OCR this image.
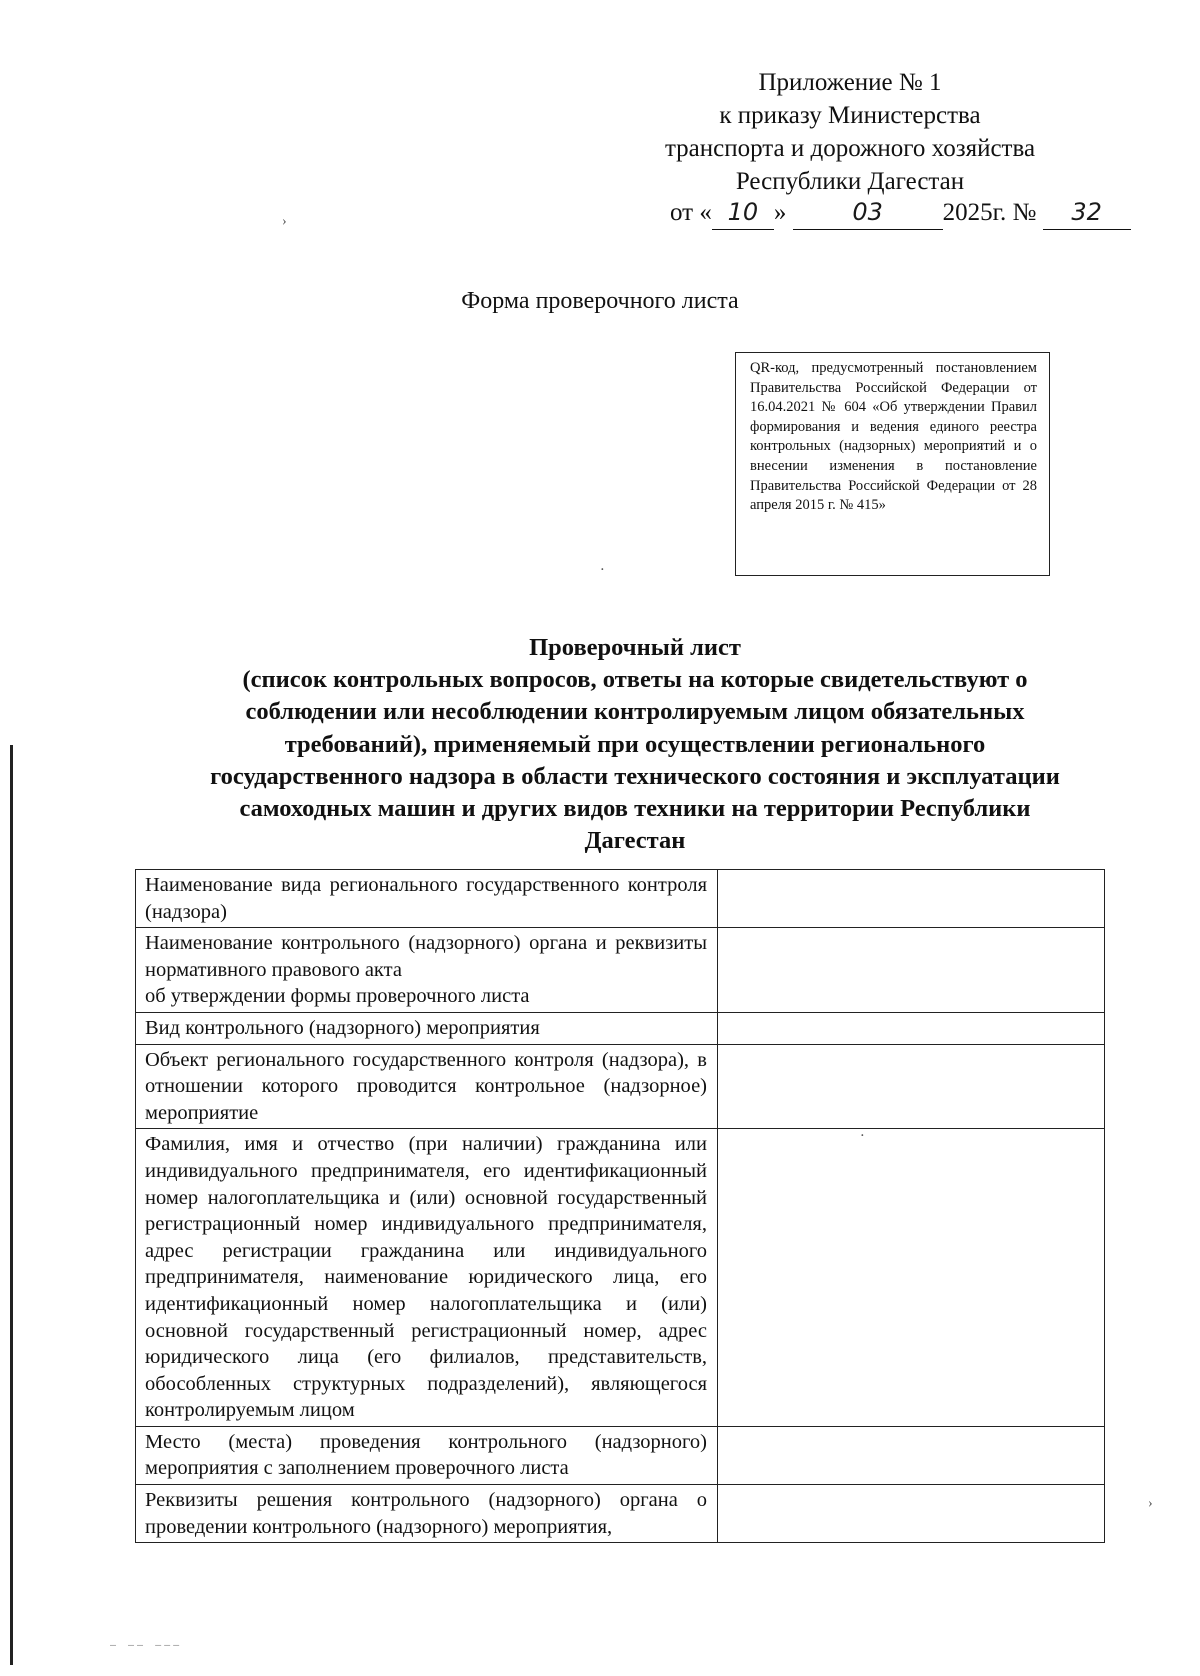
Приложение № 1
к приказу Министерства
транспорта и дорожного хозяйства
Республики Дагестан
от « 10 »	03 2025г. № 32
Форма проверочного листа
QR-код, предусмотренный постановлением Правительства Российской Федерации от 16.04.2021 № 604 «Об утверждении Правил формирования и ведения единого реестра контрольных (надзорных) мероприятий и о внесении изменения в постановление Правительства Российской Федерации от 28 апреля 2015 г. № 415»
Проверочный лист
(список контрольных вопросов, ответы на которые свидетельствуют о
соблюдении или несоблюдении контролируемым лицом обязательных
требований), применяемый при осуществлении регионального
государственного надзора в области технического состояния и эксплуатации
самоходных машин и других видов техники на территории Республики
Дагестан
Наименование вида регионального государственного контроля (надзора)	
Наименование контрольного (надзорного) органа и реквизиты нормативного правового акта
об утверждении формы проверочного листа	
Вид контрольного (надзорного) мероприятия	
Объект регионального государственного контроля (надзора), в отношении которого проводится контрольное (надзорное) мероприятие	
Фамилия, имя и отчество (при наличии) гражданина или индивидуального предпринимателя, его идентификационный номер налогоплательщика и (или) основной государственный регистрационный номер индивидуального предпринимателя, адрес регистрации гражданина или индивидуального предпринимателя, наименование юридического лица, его идентификационный номер налогоплательщика и (или) основной государственный регистрационный номер, адрес юридического лица (его филиалов, представительств, обособленных структурных подразделений), являющегося контролируемым лицом	
Место (места) проведения контрольного (надзорного) мероприятия с заполнением проверочного листа	
Реквизиты решения контрольного (надзорного) органа о проведении контрольного (надзорного) мероприятия,	
›
․
․
›
— —— ———
